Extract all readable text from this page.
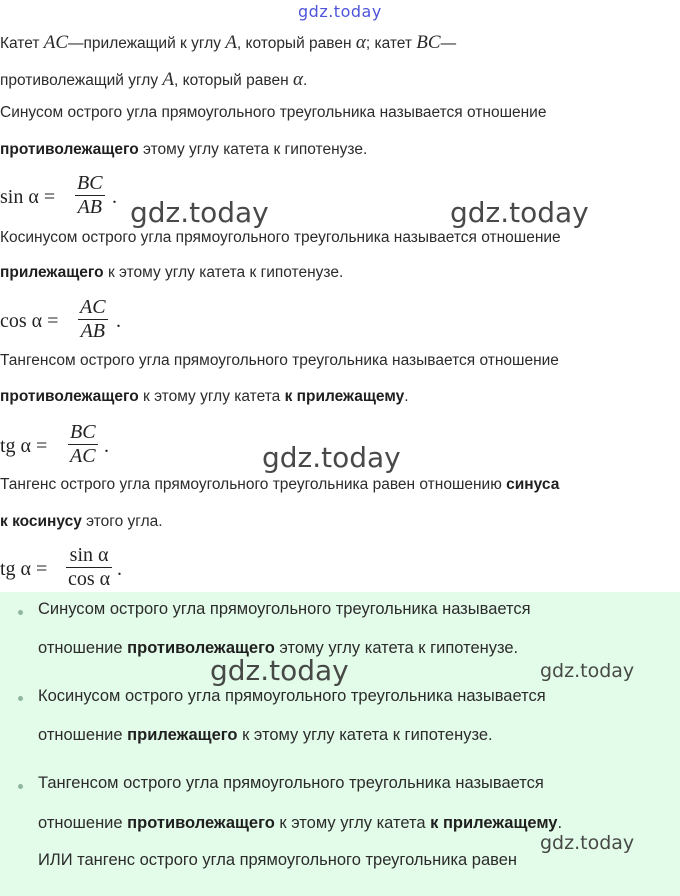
gdz.today
Катет AC—прилежащий к углу A, который равен α; катет BC—
противолежащий углу A, который равен α.
Синусом острого угла прямоугольного треугольника называется отношение
противолежащего этому углу катета к гипотенузе.
sin α =
BC
AB . gdz.today	gdz.today
Косинусом острого угла прямоугольного треугольника называется отношение
прилежащего к этому углу катета к гипотенузе.
cos α =
AC
AB .
Тангенсом острого угла прямоугольного треугольника называется отношение
противолежащего к этому углу катета к прилежащему.
tg α =
BC
AC .	gdz.today
Тангенс острого угла прямоугольного треугольника равен отношению синуса
к косинусу этого угла.
tg α =
sin α
cos α .
Синусом острого угла прямоугольного треугольника называется
отношение противолежащего этому углу катета к гипотенузе.
Косинусом острого угла прямоугольного треугольника называется
отношение прилежащего к этому углу катета к гипотенузе.
Тангенсом острого угла прямоугольного треугольника называется
отношение противолежащего к этому углу катета к прилежащему.
ИЛИ тангенс острого угла прямоугольного треугольника равен
gdz.today	gdz.today
gdz.today
